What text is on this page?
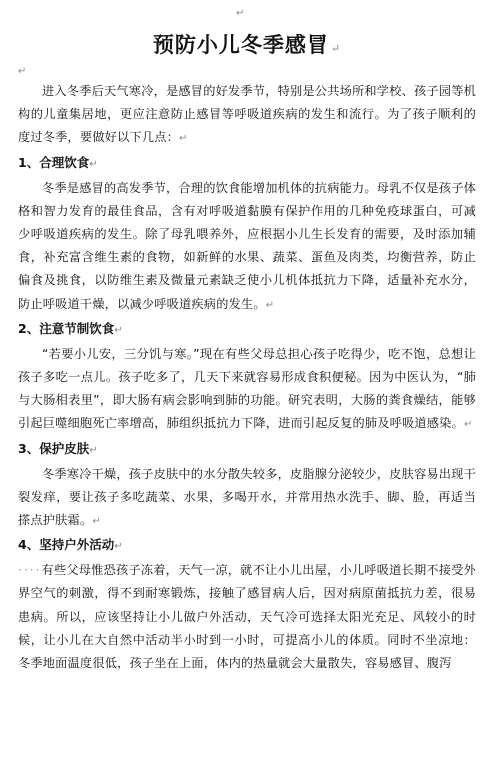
↵
预防小儿冬季感冒 ↵
↵

进入冬季后天气寒冷，是感冒的好发季节，特别是公共场所和学校、孩子园等机构的儿童集居地，更应注意防止感冒等呼吸道疾病的发生和流行。为了孩子顺利的度过冬季，要做好以下几点：↵

1、合理饮食↵

冬季是感冒的高发季节，合理的饮食能增加机体的抗病能力。母乳不仅是孩子体格和智力发育的最佳食品，含有对呼吸道黏膜有保护作用的几种免疫球蛋白，可减少呼吸道疾病的发生。除了母乳喂养外，应根据小儿生长发育的需要，及时添加辅食，补充富含维生素的食物，如新鲜的水果、蔬菜、蛋鱼及肉类，均衡营养，防止偏食及挑食，以防维生素及微量元素缺乏使小儿机体抵抗力下降，适量补充水分，防止呼吸道干燥，以减少呼吸道疾病的发生。↵

2、注意节制饮食↵

“若要小儿安，三分饥与寒。”现在有些父母总担心孩子吃得少，吃不饱，总想让孩子多吃一点儿。孩子吃多了，几天下来就容易形成食积便秘。因为中医认为，“肺与大肠相表里”，即大肠有病会影响到肺的功能。研究表明，大肠的粪食燥结，能够引起巨噬细胞死亡率增高，肺组织抵抗力下降，进而引起反复的肺及呼吸道感染。↵

3、保护皮肤↵

冬季寒冷干燥，孩子皮肤中的水分散失较多，皮脂腺分泌较少，皮肤容易出现干裂发痒，要让孩子多吃蔬菜、水果，多喝开水，并常用热水洗手、脚、脸，再适当搽点护肤霜。↵

4、坚持户外活动↵

····有些父母惟恐孩子冻着，天气一凉，就不让小儿出屋，小儿呼吸道长期不接受外界空气的刺激，得不到耐寒锻炼，接触了感冒病人后，因对病原菌抵抗力差，很易患病。所以，应该坚持让小儿做户外活动，天气冷可选择太阳光充足、风较小的时候，让小儿在大自然中活动半小时到一小时，可提高小儿的体质。同时不坐凉地：冬季地面温度很低，孩子坐在上面，体内的热量就会大量散失，容易感冒、腹泻
